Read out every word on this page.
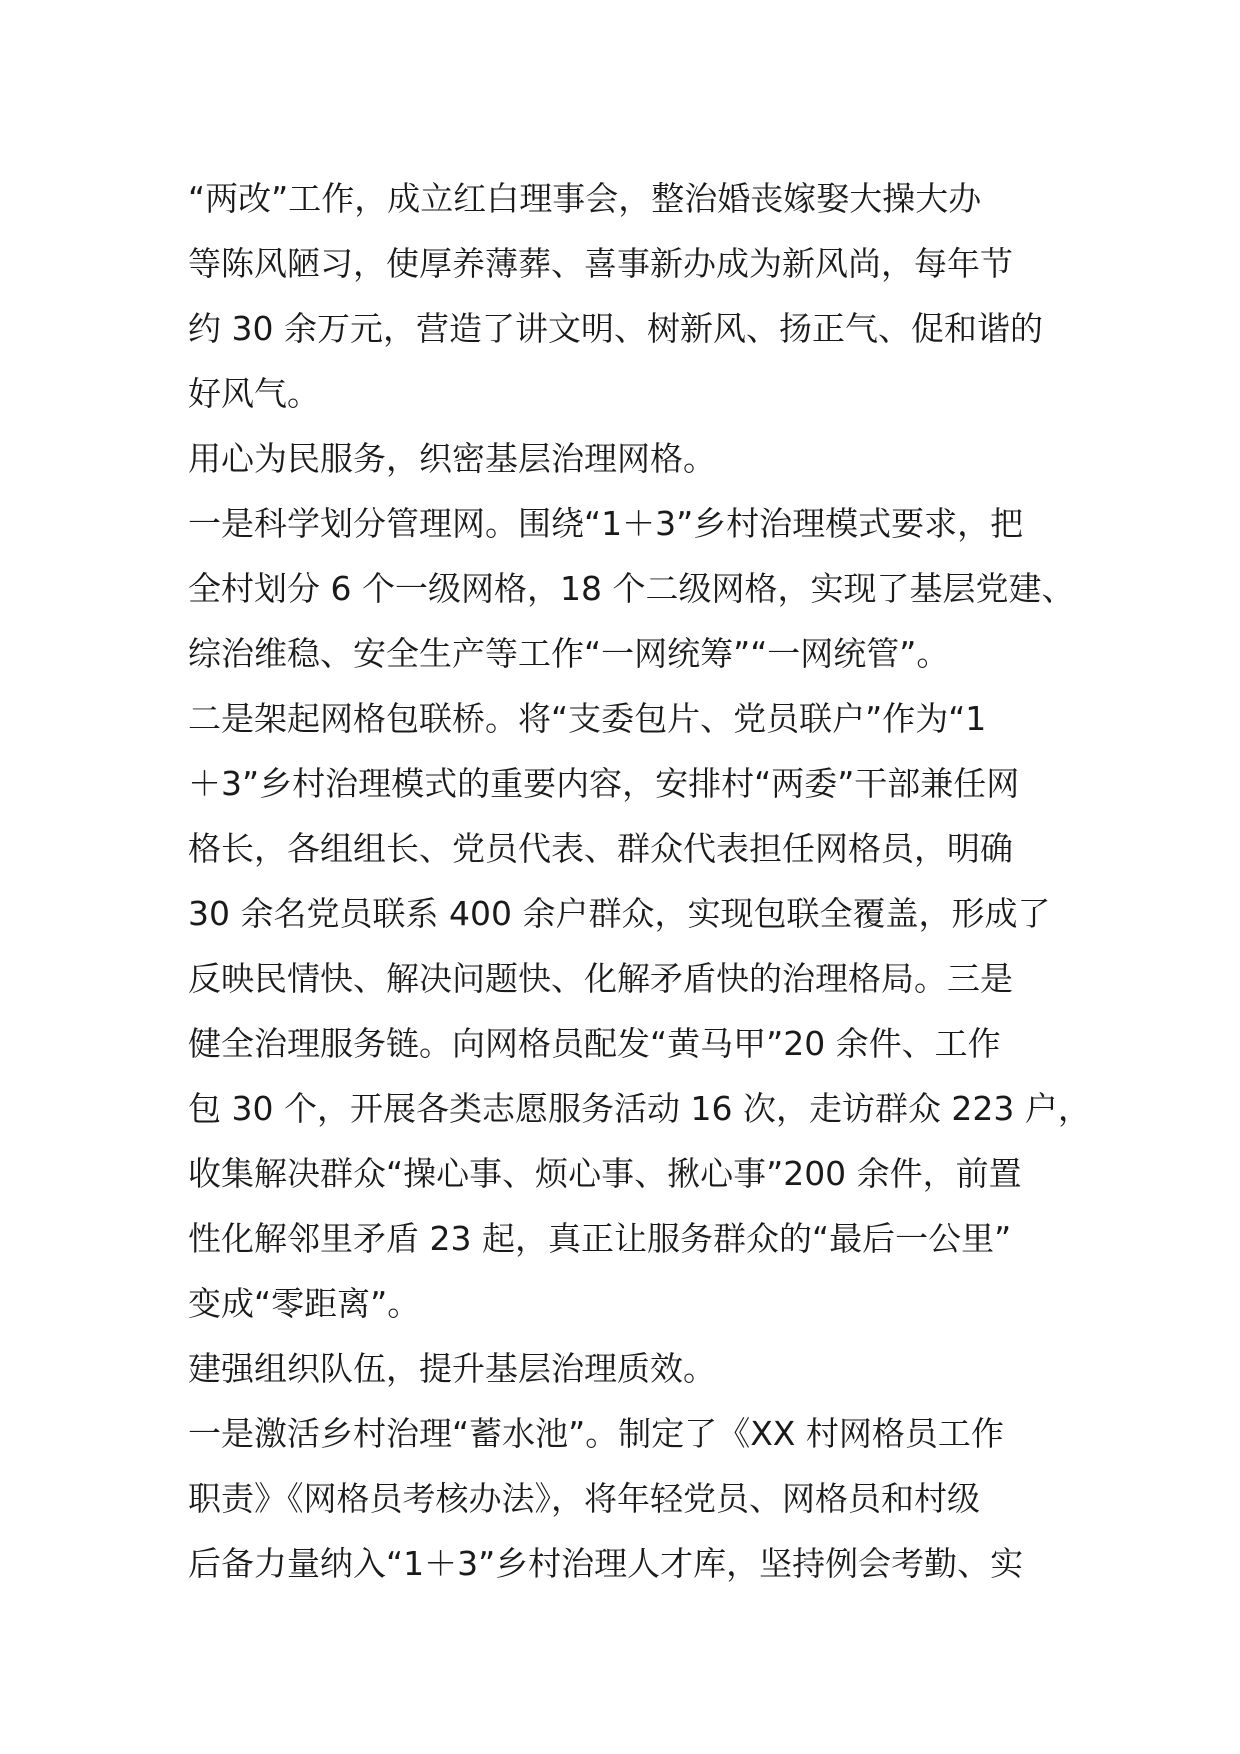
“两改”工作，成立红白理事会，整治婚丧嫁娶大操大办
等陈风陋习，使厚养薄葬、喜事新办成为新风尚，每年节
约 30 余万元，营造了讲文明、树新风、扬正气、促和谐的
好风气。
用心为民服务，织密基层治理网格。
一是科学划分管理网。围绕“1＋3”乡村治理模式要求，把
全村划分 6 个一级网格，18 个二级网格，实现了基层党建、
综治维稳、安全生产等工作“一网统筹”“一网统管”。
二是架起网格包联桥。将“支委包片、党员联户”作为“1
＋3”乡村治理模式的重要内容，安排村“两委”干部兼任网
格长，各组组长、党员代表、群众代表担任网格员，明确
30 余名党员联系 400 余户群众，实现包联全覆盖，形成了
反映民情快、解决问题快、化解矛盾快的治理格局。三是
健全治理服务链。向网格员配发“黄马甲”20 余件、工作
包 30 个，开展各类志愿服务活动 16 次，走访群众 223 户，
收集解决群众“操心事、烦心事、揪心事”200 余件，前置
性化解邻里矛盾 23 起，真正让服务群众的“最后一公里”
变成“零距离”。
建强组织队伍，提升基层治理质效。
一是激活乡村治理“蓄水池”。制定了《XX 村网格员工作
职责》《网格员考核办法》，将年轻党员、网格员和村级
后备力量纳入“1＋3”乡村治理人才库，坚持例会考勤、实
